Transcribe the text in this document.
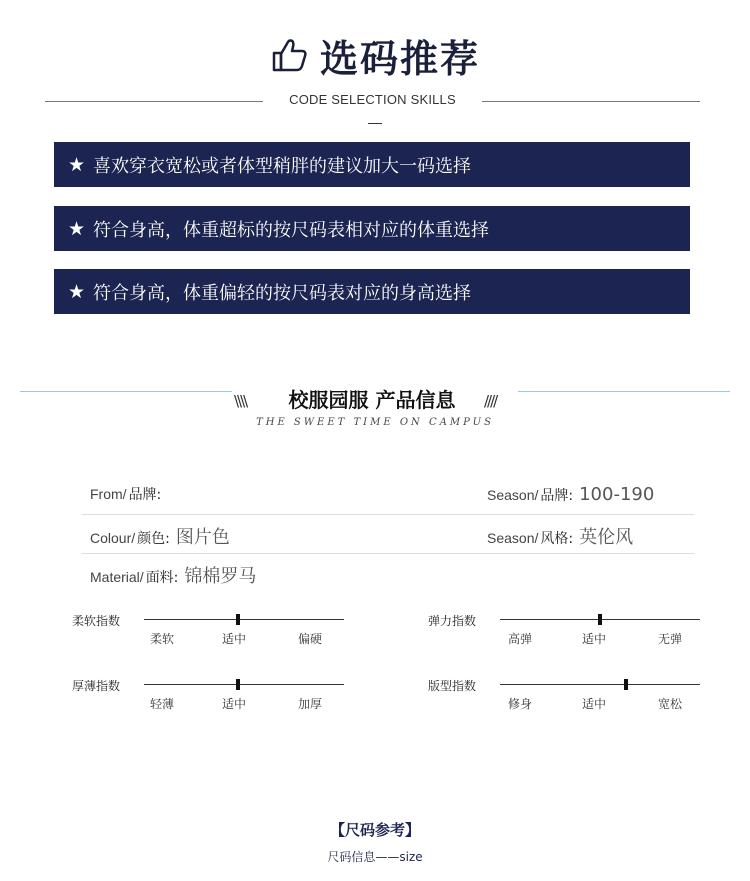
选码推荐
CODE SELECTION SKILLS
★ 喜欢穿衣宽松或者体型稍胖的建议加大一码选择
★ 符合身高，体重超标的按尺码表相对应的体重选择
★ 符合身高，体重偏轻的按尺码表对应的身高选择
\\\\	校服园服 产品信息	////
THE SWEET TIME ON CAMPUS
From/ 品牌:	Season/ 品牌: 100-190
Colour/ 颜色: 图片色	Season/ 风格: 英伦风
Material/ 面料: 锦棉罗马
柔软指数
柔软	适中	偏硬
弹力指数
高弹	适中	无弹
厚薄指数
轻薄	适中	加厚
版型指数
修身	适中	宽松
【尺码参考】
尺码信息——size
